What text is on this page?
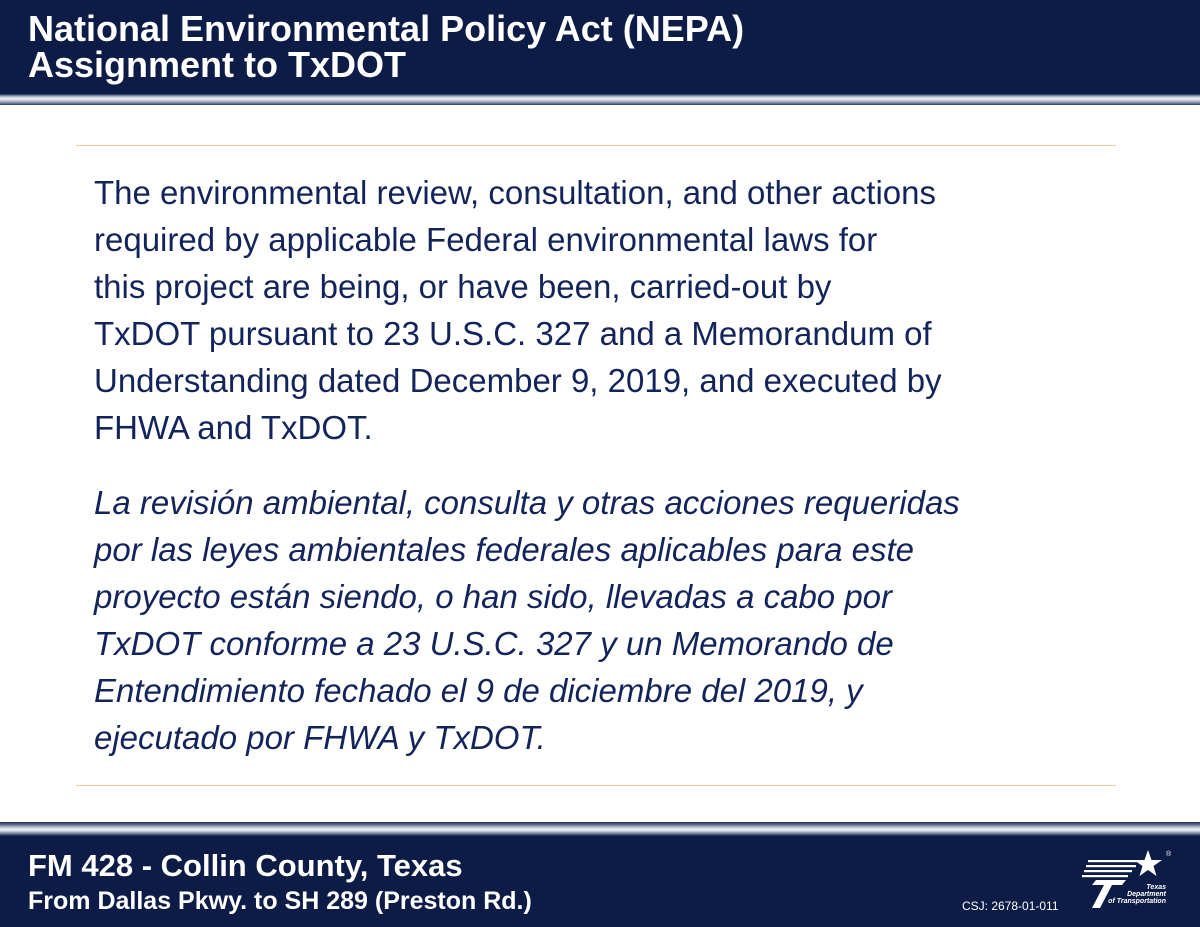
National Environmental Policy Act (NEPA)
Assignment to TxDOT

The environmental review, consultation, and other actions
required by applicable Federal environmental laws for
this project are being, or have been, carried-out by
TxDOT pursuant to 23 U.S.C. 327 and a Memorandum of
Understanding dated December 9, 2019, and executed by
FHWA and TxDOT.

La revisión ambiental, consulta y otras acciones requeridas
por las leyes ambientales federales aplicables para este
proyecto están siendo, o han sido, llevadas a cabo por
TxDOT conforme a 23 U.S.C. 327 y un Memorando de
Entendimiento fechado el 9 de diciembre del 2019, y
ejecutado por FHWA y TxDOT.

FM 428 - Collin County, Texas
From Dallas Pkwy. to SH 289 (Preston Rd.)	CSJ: 2678-01-011
®
Texas
Department
of Transportation
